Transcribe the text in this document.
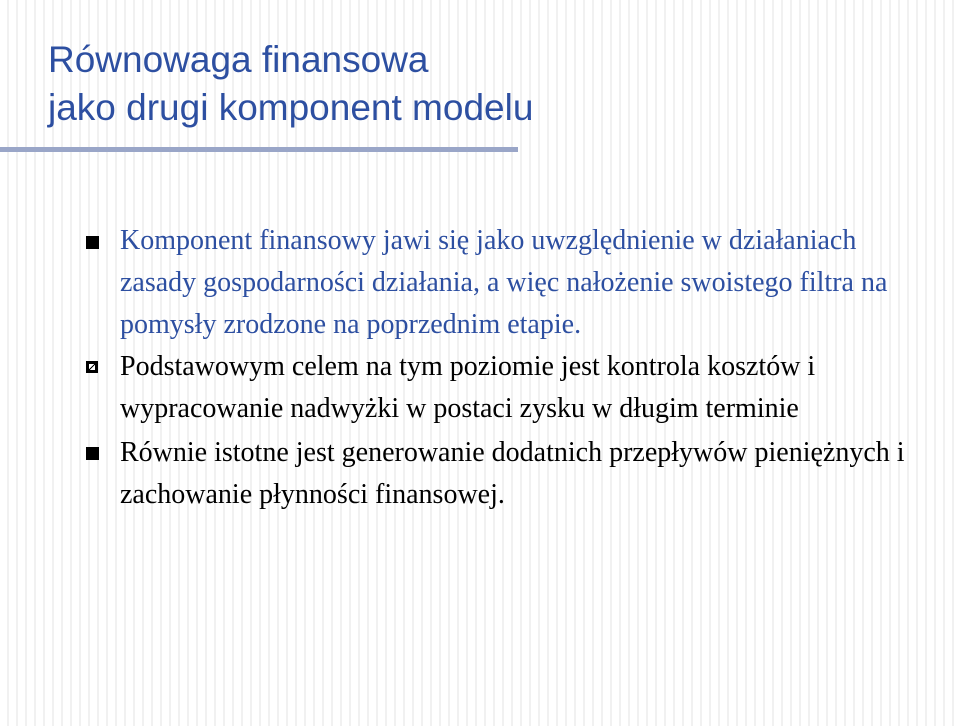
Równowaga finansowa
jako drugi komponent modelu
Komponent finansowy jawi się jako uwzględnienie w działaniach zasady gospodarności działania, a więc nałożenie swoistego filtra na pomysły zrodzone na poprzednim etapie.
Podstawowym celem na tym poziomie jest kontrola kosztów i wypracowanie nadwyżki w postaci zysku w długim terminie
Równie istotne jest generowanie dodatnich przepływów pieniężnych i zachowanie płynności finansowej.
